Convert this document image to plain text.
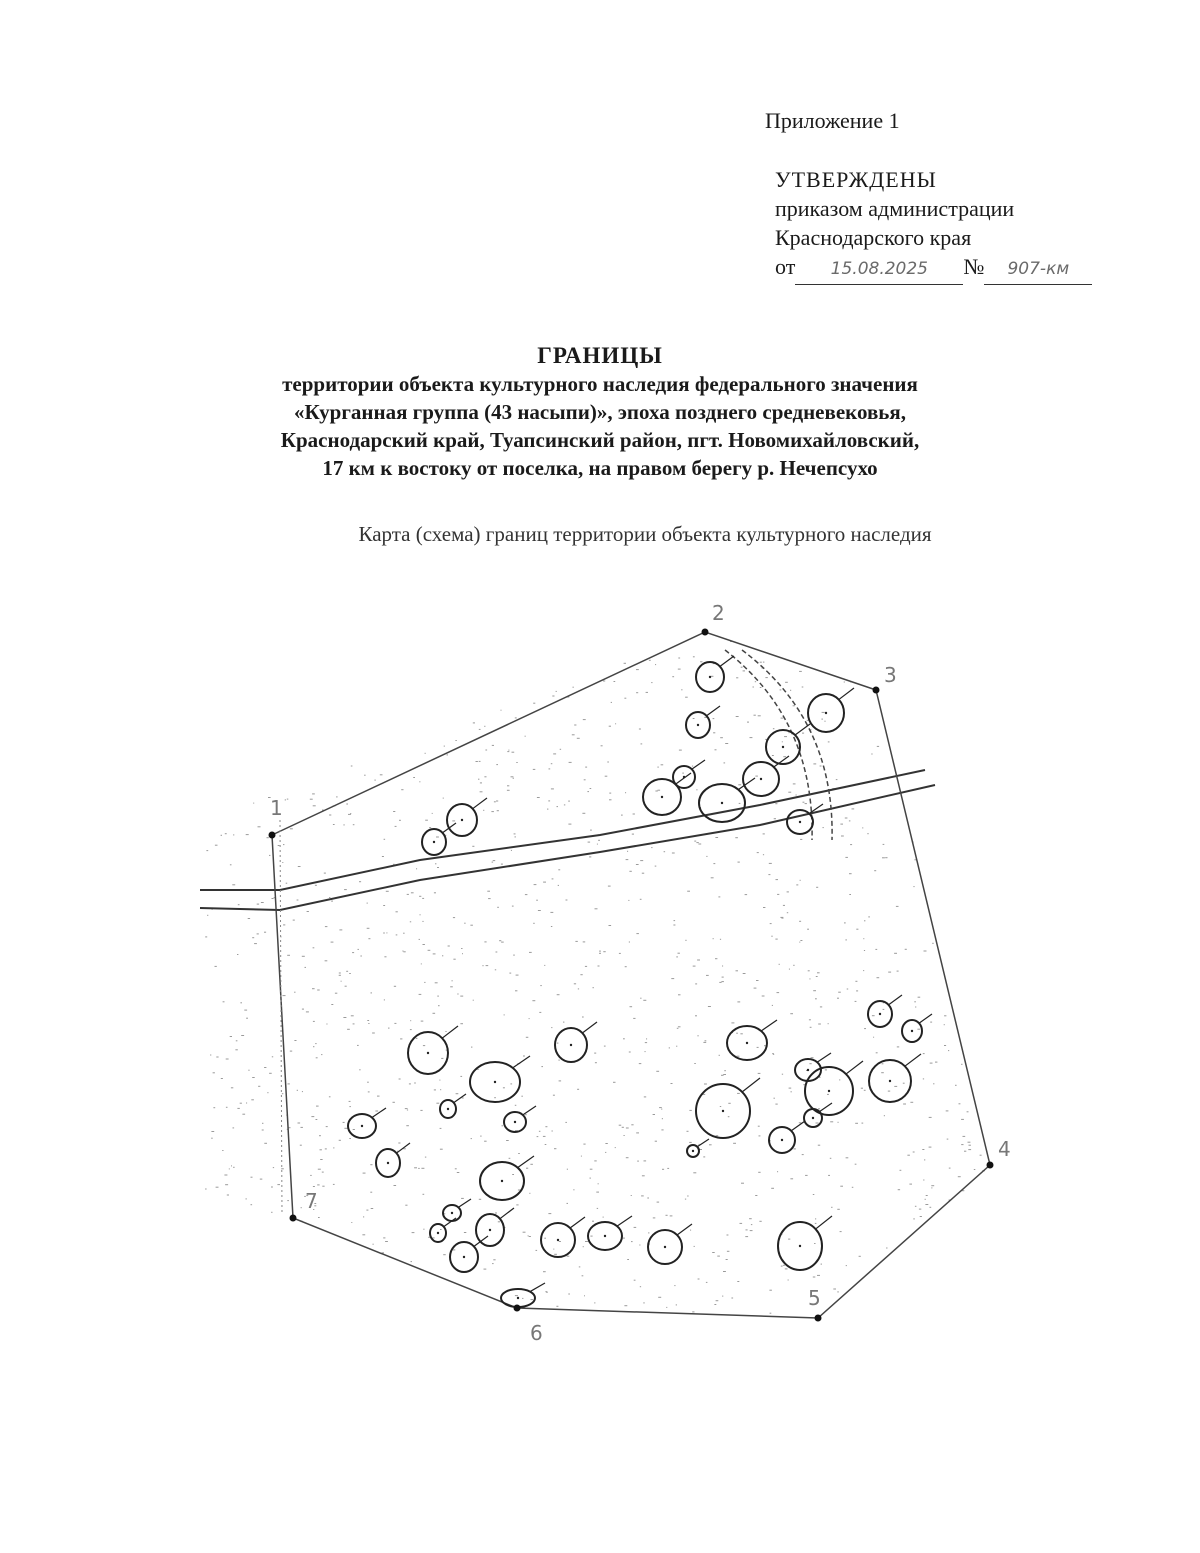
Приложение 1
УТВЕРЖДЕНЫ
приказом администрации
Краснодарского края
от	15.08.2025	№	907-км
ГРАНИЦЫ
территории объекта культурного наследия федерального значения
«Курганная группа (43 насыпи)», эпоха позднего средневековья,
Краснодарский край, Туапсинский район, пгт. Новомихайловский,
17 км к востоку от поселка, на правом берегу р. Нечепсухо
Карта (схема) границ территории объекта культурного наследия
1
2
3
4
5
6
7
